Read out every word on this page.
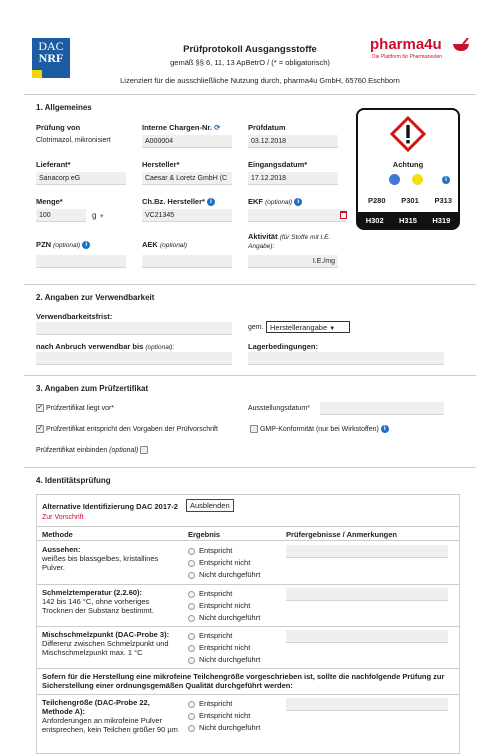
DAC
NRF
Prüfprotokoll Ausgangsstoffe
gemäß §§ 6, 11, 13 ApBetrO / (* = obligatorisch)
Lizenziert für die ausschließliche Nutzung durch, pharma4u GmbH, 65760 Eschborn
pharma4u
Die Plattform für Pharmazeuten
1. Allgemeines
Prüfung von
Clotrimazol, mikronisiert
Interne Chargen-Nr. ⟳
A000004
Prüfdatum
03.12.2018
Lieferant*
Sanacorp eG
Hersteller*
Caesar & Loretz GmbH (C
Eingangsdatum*
17.12.2018
Menge*
100	g ▼
Ch.Bz. Hersteller* i
VC21345
EKF (optional) i
PZN (optional) i	AEK (optional)
Aktivität (für Stoffe mit I.E. Angabe):
I.E./mg
Achtung
i
P280 P301 P313
H302 H315 H319
2. Angaben zur Verwendbarkeit
Verwendbarkeitsfrist:
gem. Herstellerangabe ▼
nach Anbruch verwendbar bis (optional):	Lagerbedingungen:
3. Angaben zum Prüfzertifikat
✓ Prüfzertifikat liegt vor*	Ausstellungsdatum*
✓ Prüfzertifikat entspricht den Vorgaben der Prüfvorschrift	GMP-Konformität (nur bei Wirkstoffen) i
Prüfzertifikat einbinden (optional)
4. Identitätsprüfung
Alternative Identifizierung DAC 2017-2	Ausblenden
Zur Vorschrift
Methode	Ergebnis	Prüfergebnisse / Anmerkungen
Aussehen:
weißes bis blassgelbes, kristallines Pulver.
Entspricht
Entspricht nicht
Nicht durchgeführt
Schmelztemperatur (2.2.60):
142 bis 146 °C, ohne vorheriges Trocknen der Substanz bestimmt.
Entspricht
Entspricht nicht
Nicht durchgeführt
Mischschmelzpunkt (DAC-Probe 3):
Differenz zwischen Schmelzpunkt und Mischschmelzpunkt max. 1 °C
Entspricht
Entspricht nicht
Nicht durchgeführt
Sofern für die Herstellung eine mikrofeine Teilchengröße vorgeschrieben ist, sollte die nachfolgende Prüfung zur Sicherstellung einer ordnungsgemäßen Qualität durchgeführt werden:
Teilchengröße (DAC-Probe 22, Methode A):
Anforderungen an mikrofeine Pulver entsprechen, kein Teilchen größer 90 µm
Entspricht
Entspricht nicht
Nicht durchgeführt
